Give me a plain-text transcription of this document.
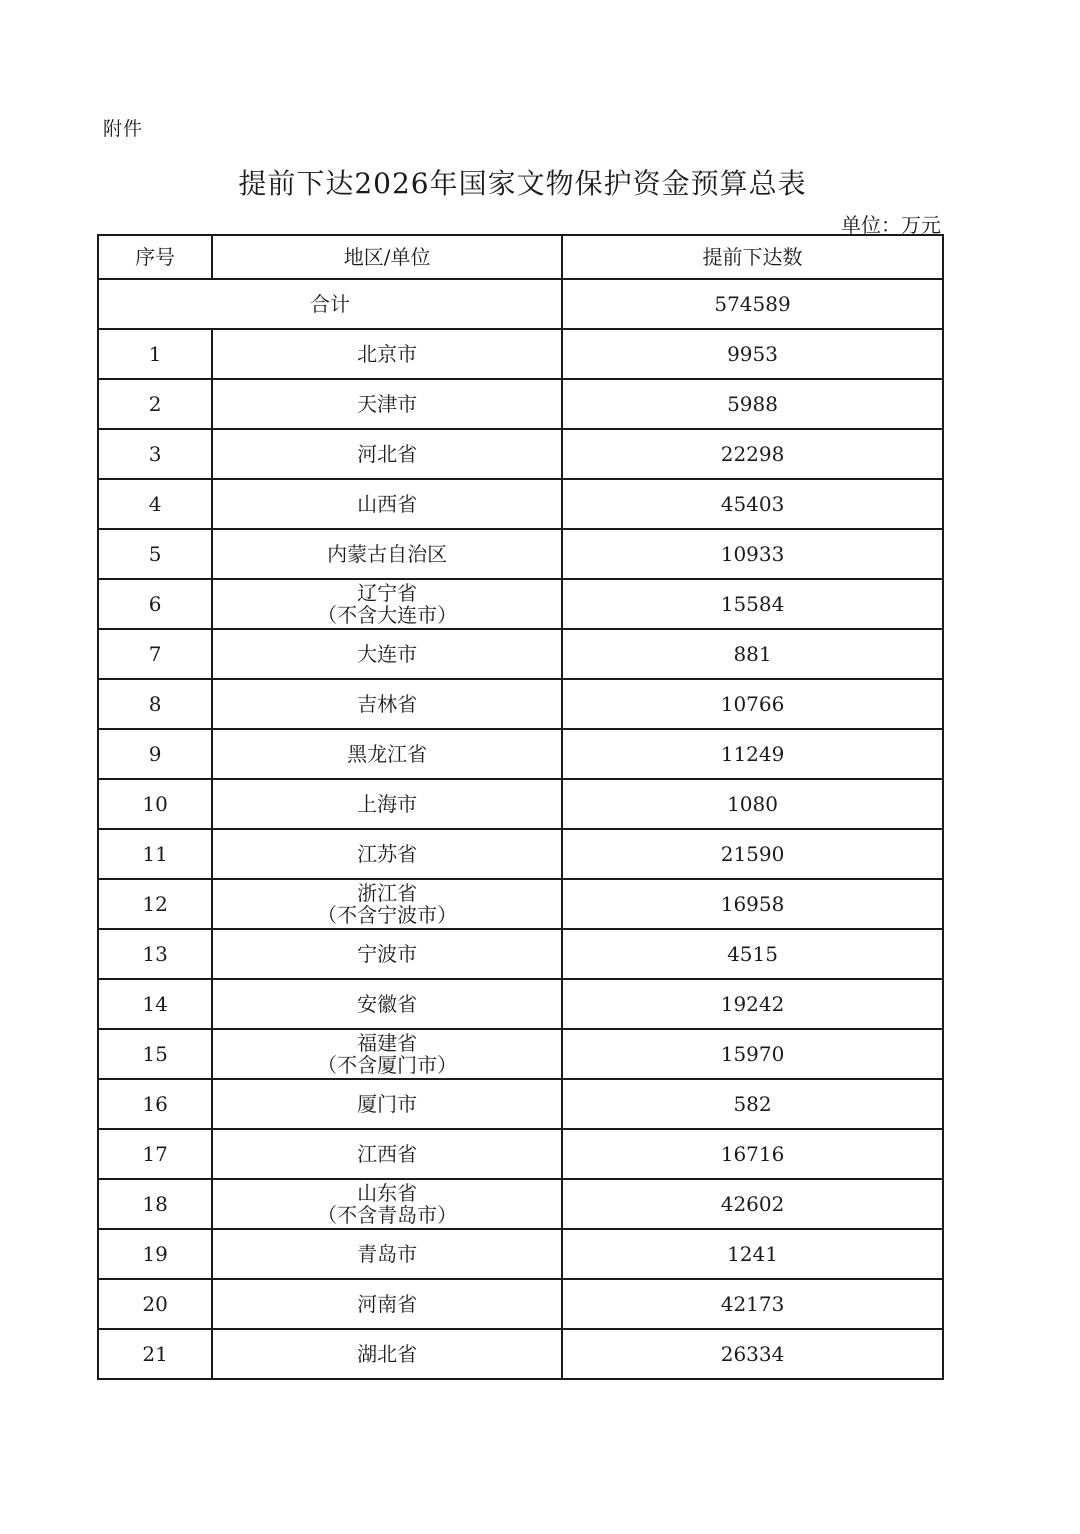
附件
提前下达2026年国家文物保护资金预算总表
单位：万元
序号	地区/单位	提前下达数
合计		574589
1	北京市	9953
2	天津市	5988
3	河北省	22298
4	山西省	45403
5	内蒙古自治区	10933
6	辽宁省
（不含大连市）	15584
7	大连市	881
8	吉林省	10766
9	黑龙江省	11249
10	上海市	1080
11	江苏省	21590
12	浙江省
（不含宁波市）	16958
13	宁波市	4515
14	安徽省	19242
15	福建省
（不含厦门市）	15970
16	厦门市	582
17	江西省	16716
18	山东省
（不含青岛市）	42602
19	青岛市	1241
20	河南省	42173
21	湖北省	26334
